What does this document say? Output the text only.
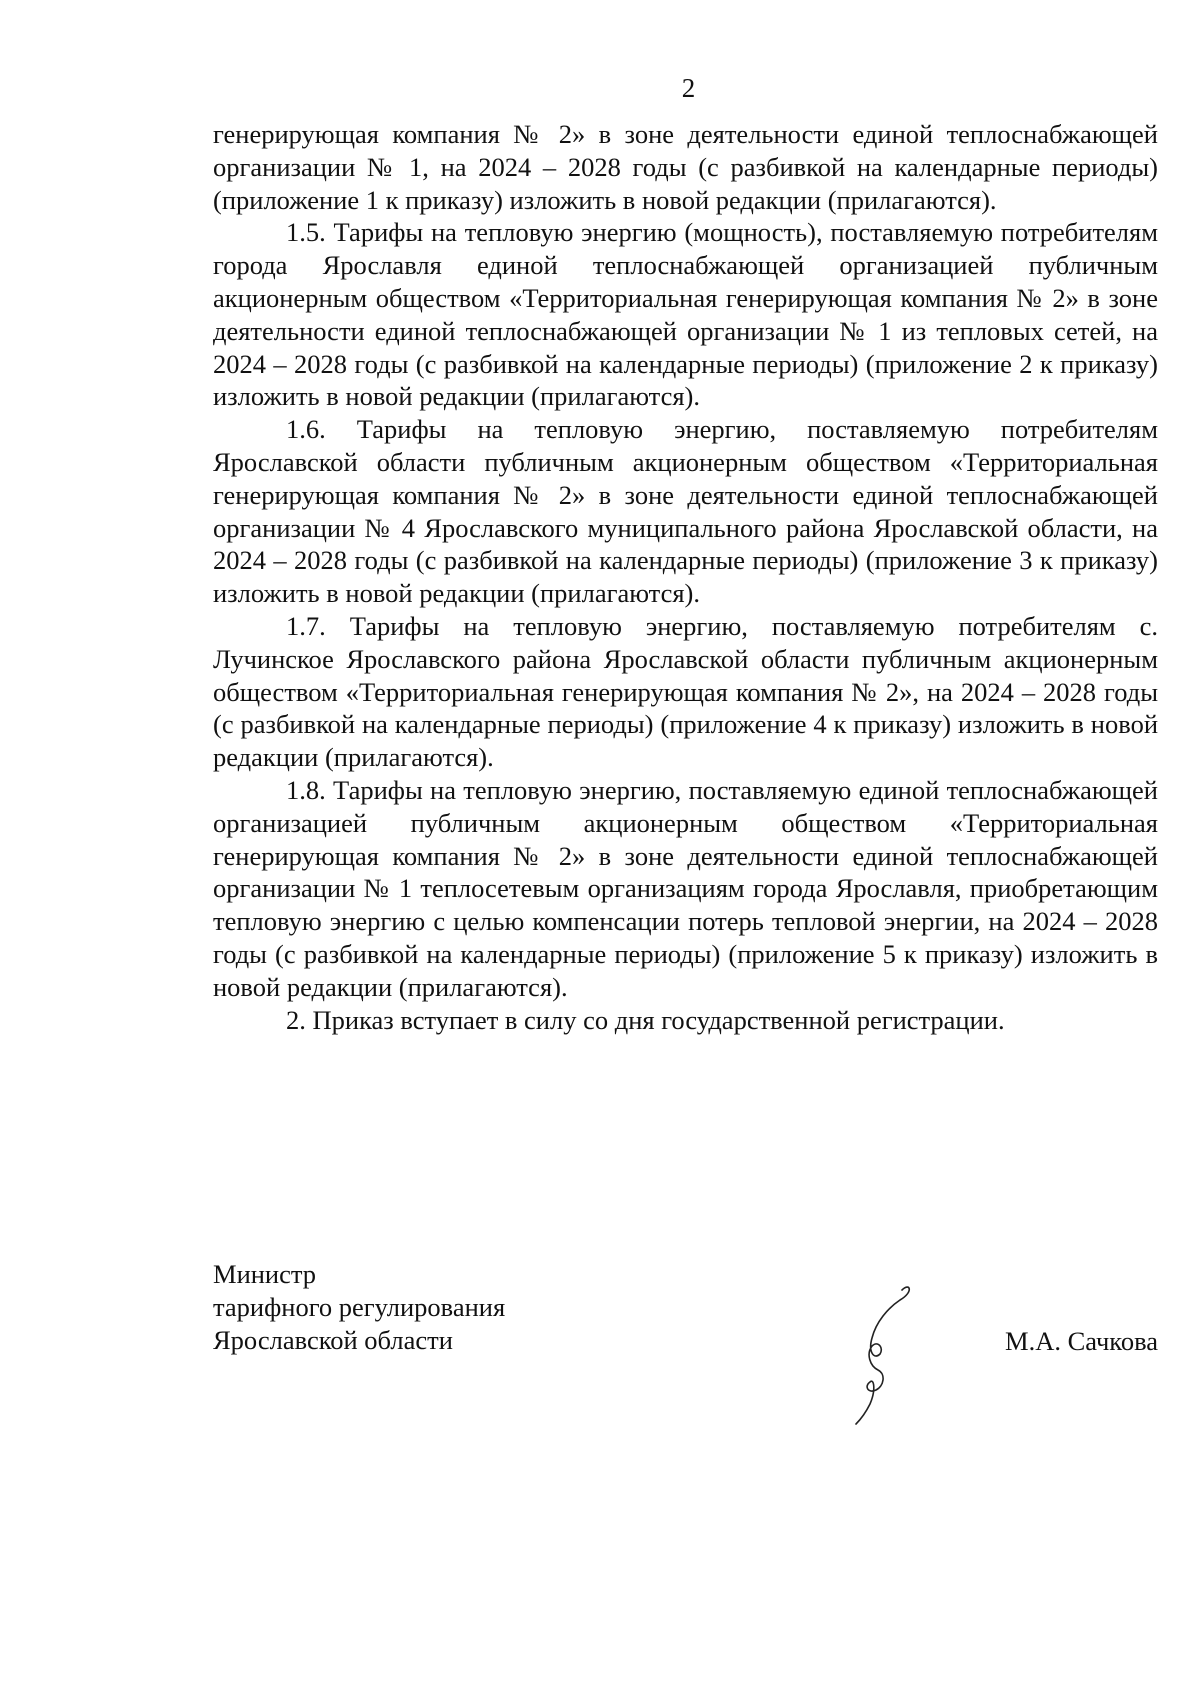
2

генерирующая компания № 2» в зоне деятельности единой теплоснабжающей организации № 1, на 2024 – 2028 годы (с разбивкой на календарные периоды) (приложение 1 к приказу) изложить в новой редакции (прилагаются).

1.5. Тарифы на тепловую энергию (мощность), поставляемую потребителям города Ярославля единой теплоснабжающей организацией публичным акционерным обществом «Территориальная генерирующая компания № 2» в зоне деятельности единой теплоснабжающей организации № 1 из тепловых сетей, на 2024 – 2028 годы (с разбивкой на календарные периоды) (приложение 2 к приказу) изложить в новой редакции (прилагаются).

1.6. Тарифы на тепловую энергию, поставляемую потребителям Ярославской области публичным акционерным обществом «Территориальная генерирующая компания № 2» в зоне деятельности единой теплоснабжающей организации № 4 Ярославского муниципального района Ярославской области, на 2024 – 2028 годы (с разбивкой на календарные периоды) (приложение 3 к приказу) изложить в новой редакции (прилагаются).

1.7. Тарифы на тепловую энергию, поставляемую потребителям с. Лучинское Ярославского района Ярославской области публичным акционерным обществом «Территориальная генерирующая компания № 2», на 2024 – 2028 годы (с разбивкой на календарные периоды) (приложение 4 к приказу) изложить в новой редакции (прилагаются).

1.8. Тарифы на тепловую энергию, поставляемую единой теплоснабжающей организацией публичным акционерным обществом «Территориальная генерирующая компания № 2» в зоне деятельности единой теплоснабжающей организации № 1 теплосетевым организациям города Ярославля, приобретающим тепловую энергию с целью компенсации потерь тепловой энергии, на 2024 – 2028 годы (с разбивкой на календарные периоды) (приложение 5 к приказу) изложить в новой редакции (прилагаются).

2. Приказ вступает в силу со дня государственной регистрации.

Министр
тарифного регулирования
Ярославской области	М.А. Сачкова
